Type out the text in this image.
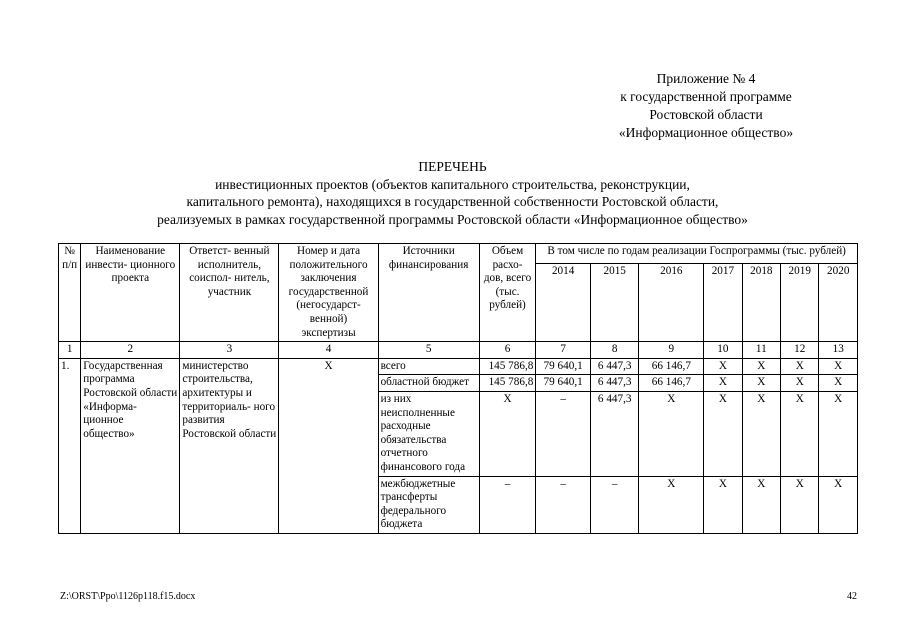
Приложение № 4
к государственной программе
Ростовской области
«Информационное общество»
ПЕРЕЧЕНЬ
инвестиционных проектов (объектов капитального строительства, реконструкции,
капитального ремонта), находящихся в государственной собственности Ростовской области,
реализуемых в рамках государственной программы Ростовской области «Информационное общество»
№ п/п	Наименование инвести- ционного проекта	Ответст- венный исполнитель, соиспол- нитель, участник	Номер и дата положительного заключения государственной (негосударст- венной) экспертизы	Источники финансирования	Объем расхо- дов, всего (тыс. рублей)	В том числе по годам реализации Госпрограммы (тыс. рублей)						
						2014	2015	2016	2017	2018	2019	2020
1	2	3	4	5	6	7	8	9	10	11	12	13
1.	Государственная программа Ростовской области «Информа- ционное общество»	министерство строительства, архитектуры и территориаль- ного развития Ростовской области	Х	всего	145 786,8	79 640,1	6 447,3	66 146,7	Х	Х	Х	Х
				областной бюджет	145 786,8	79 640,1	6 447,3	66 146,7	Х	Х	Х	Х
				из них неисполненные расходные обязательства отчетного финансового года	Х	–	6 447,3	Х	Х	Х	Х	Х
				межбюджетные трансферты федерального бюджета	–	–	–	Х	Х	Х	Х	Х
Z:\ORST\Ppo\1126p118.f15.docx	42
